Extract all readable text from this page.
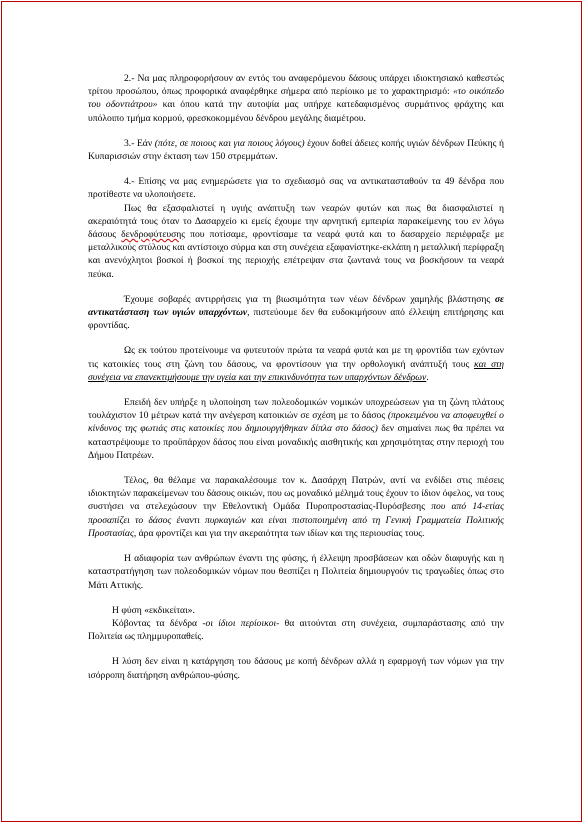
2.- Να μας πληροφορήσουν αν εντός του αναφερόμενου δάσους υπάρχει ιδιοκτησιακό καθεστώς τρίτου προσώπου, όπως προφορικά αναφέρθηκε σήμερα από περίοικο με το χαρακτηρισμό: «το οικόπεδο του οδοντιάτρου» και όπου κατά την αυτοψία μας υπήρχε κατεδαφισμένος συρμάτινος φράχτης και υπόλοιπο τμήμα κορμού, φρεσκοκομμένου δένδρου μεγάλης διαμέτρου.

3.- Εάν (πότε, σε ποιους και για ποιους λόγους) έχουν δοθεί άδειες κοπής υγιών δένδρων Πεύκης ή Κυπαρισσιών στην έκταση των 150 στρεμμάτων.

4.- Επίσης να μας ενημερώσετε για το σχεδιασμό σας να αντικατασταθούν τα 49 δένδρα που προτίθεστε να υλοποιήσετε.

Πως θα εξασφαλιστεί η υγιής ανάπτυξη των νεαρών φυτών και πως θα διασφαλιστεί η ακεραιότητά τους όταν το Δασαρχείο κι εμείς έχουμε την αρνητική εμπειρία παρακείμενης του εν λόγω δάσους δενδροφύτευσης που ποτίσαμε, φροντίσαμε τα νεαρά φυτά και το δασαρχείο περιέφραξε με μεταλλικούς στύλους και αντίστοιχο σύρμα και στη συνέχεια εξαφανίστηκε-εκλάπη η μεταλλική περίφραξη και ανενόχλητοι βοσκοί ή βοσκοί της περιοχής επέτρεψαν στα ζωντανά τους να βοσκήσουν τα νεαρά πεύκα.

Έχουμε σοβαρές αντιρρήσεις για τη βιωσιμότητα των νέων δένδρων χαμηλής βλάστησης σε αντικατάσταση των υγιών υπαρχόντων, πιστεύουμε δεν θα ευδοκιμήσουν από έλλειψη επιτήρησης και φροντίδας.

Ως εκ τούτου προτείνουμε να φυτευτούν πρώτα τα νεαρά φυτά και με τη φροντίδα των εχόντων τις κατοικίες τους στη ζώνη του δάσους, να φροντίσουν για την ορθολογική ανάπτυξή τους και στη συνέχεια να επανεκτιμήσουμε την υγεία και την επικινδυνότητα των υπαρχόντων δένδρων.

Επειδή δεν υπήρξε η υλοποίηση των πολεοδομικών νομικών υποχρεώσεων για τη ζώνη πλάτους τουλάχιστον 10 μέτρων κατά την ανέγερση κατοικιών σε σχέση με το δάσος (προκειμένου να αποφευχθεί ο κίνδυνος της φωτιάς στις κατοικίες που δημιουργήθηκαν δίπλα στο δάσος) δεν σημαίνει πως θα πρέπει να καταστρέψουμε το προϋπάρχον δάσος που είναι μοναδικής αισθητικής και χρησιμότητας στην περιοχή του Δήμου Πατρέων.

Τέλος, θα θέλαμε να παρακαλέσουμε τον κ. Δασάρχη Πατρών, αντί να ενδίδει στις πιέσεις ιδιοκτητών παρακείμενων του δάσους οικιών, που ως μοναδικό μέλημά τους έχουν το ίδιον όφελος, να τους συστήσει να στελεχώσουν την Εθελοντική Ομάδα Πυροπροστασίας-Πυρόσβεσης που από 14-ετίας προσαπίζει το δάσος έναντι πυρκαγιών και είναι πιστοποιημένη από τη Γενική Γραμματεία Πολιτικής Προστασίας, άρα φροντίζει και για την ακεραιότητα των ιδίων και της περιουσίας τους.

Η αδιαφορία των ανθρώπων έναντι της φύσης, ή έλλειψη προσβάσεων και οδών διαφυγής και η καταστρατήγηση των πολεοδομικών νόμων που θεσπίζει η Πολιτεία δημιουργούν τις τραγωδίες όπως στο Μάτι Αττικής.

Η φύση «εκδικείται».

Κόβοντας τα δένδρα -οι ίδιοι περίοικοι- θα αιτούνται στη συνέχεια, συμπαράστασης από την Πολιτεία ως πλημμυροπαθείς.

Η λύση δεν είναι η κατάργηση του δάσους με κοπή δένδρων αλλά η εφαρμογή των νόμων για την ισόρροπη διατήρηση ανθρώπου-φύσης.
